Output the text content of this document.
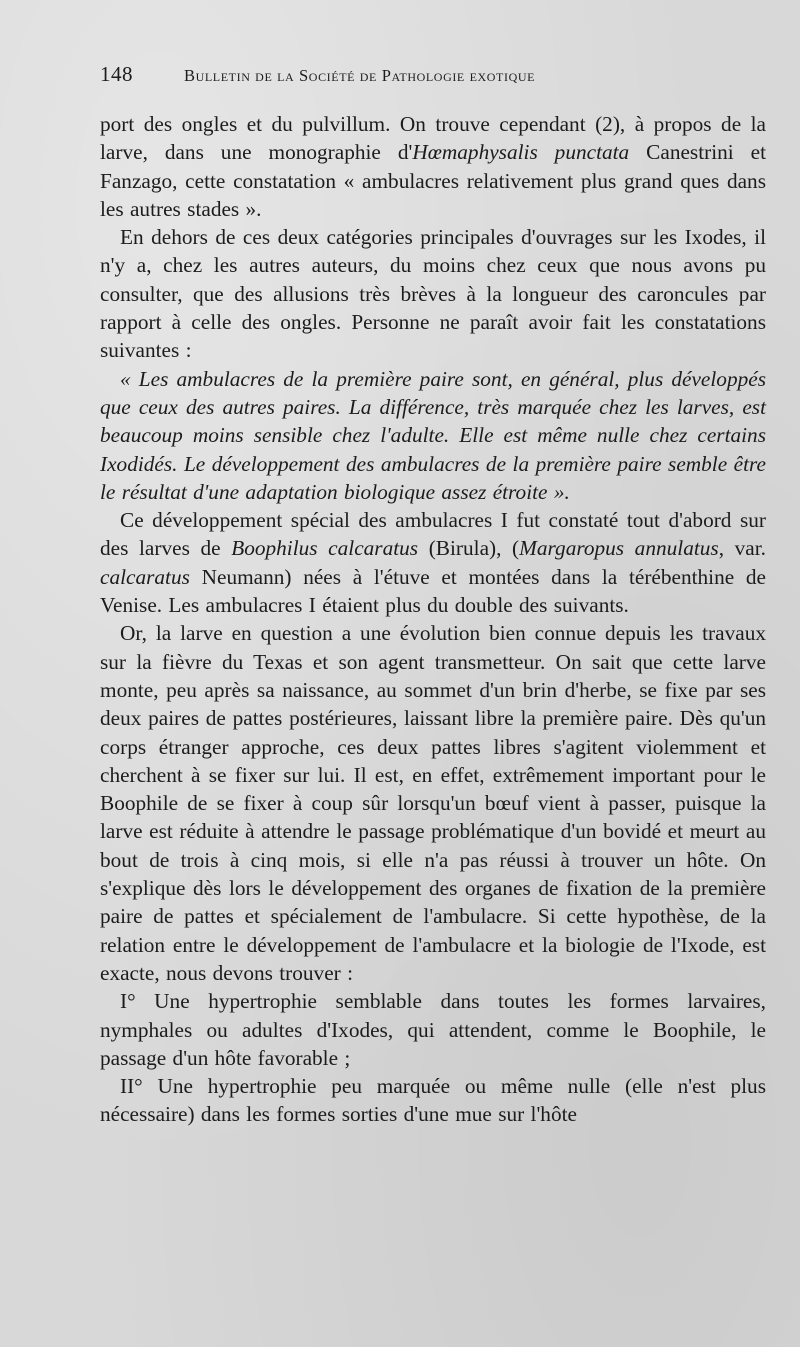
148	Bulletin de la Société de Pathologie exotique

port des ongles et du pulvillum. On trouve cependant (2), à propos de la larve, dans une monographie d'Hœmaphysalis punctata Canestrini et Fanzago, cette constatation « ambulacres relativement plus grand ques dans les autres stades ».

En dehors de ces deux catégories principales d'ouvrages sur les Ixodes, il n'y a, chez les autres auteurs, du moins chez ceux que nous avons pu consulter, que des allusions très brèves à la longueur des caroncules par rapport à celle des ongles. Personne ne paraît avoir fait les constatations suivantes :

« Les ambulacres de la première paire sont, en général, plus développés que ceux des autres paires. La différence, très marquée chez les larves, est beaucoup moins sensible chez l'adulte. Elle est même nulle chez certains Ixodidés. Le développement des ambulacres de la première paire semble être le résultat d'une adaptation biologique assez étroite ».

Ce développement spécial des ambulacres I fut constaté tout d'abord sur des larves de Boophilus calcaratus (Birula), (Margaropus annulatus, var. calcaratus Neumann) nées à l'étuve et montées dans la térébenthine de Venise. Les ambulacres I étaient plus du double des suivants.

Or, la larve en question a une évolution bien connue depuis les travaux sur la fièvre du Texas et son agent transmetteur. On sait que cette larve monte, peu après sa naissance, au sommet d'un brin d'herbe, se fixe par ses deux paires de pattes postérieures, laissant libre la première paire. Dès qu'un corps étranger approche, ces deux pattes libres s'agitent violemment et cherchent à se fixer sur lui. Il est, en effet, extrêmement important pour le Boophile de se fixer à coup sûr lorsqu'un bœuf vient à passer, puisque la larve est réduite à attendre le passage problématique d'un bovidé et meurt au bout de trois à cinq mois, si elle n'a pas réussi à trouver un hôte. On s'explique dès lors le développement des organes de fixation de la première paire de pattes et spécialement de l'ambulacre. Si cette hypothèse, de la relation entre le développement de l'ambulacre et la biologie de l'Ixode, est exacte, nous devons trouver :

I° Une hypertrophie semblable dans toutes les formes larvaires, nymphales ou adultes d'Ixodes, qui attendent, comme le Boophile, le passage d'un hôte favorable ;

II° Une hypertrophie peu marquée ou même nulle (elle n'est plus nécessaire) dans les formes sorties d'une mue sur l'hôte
